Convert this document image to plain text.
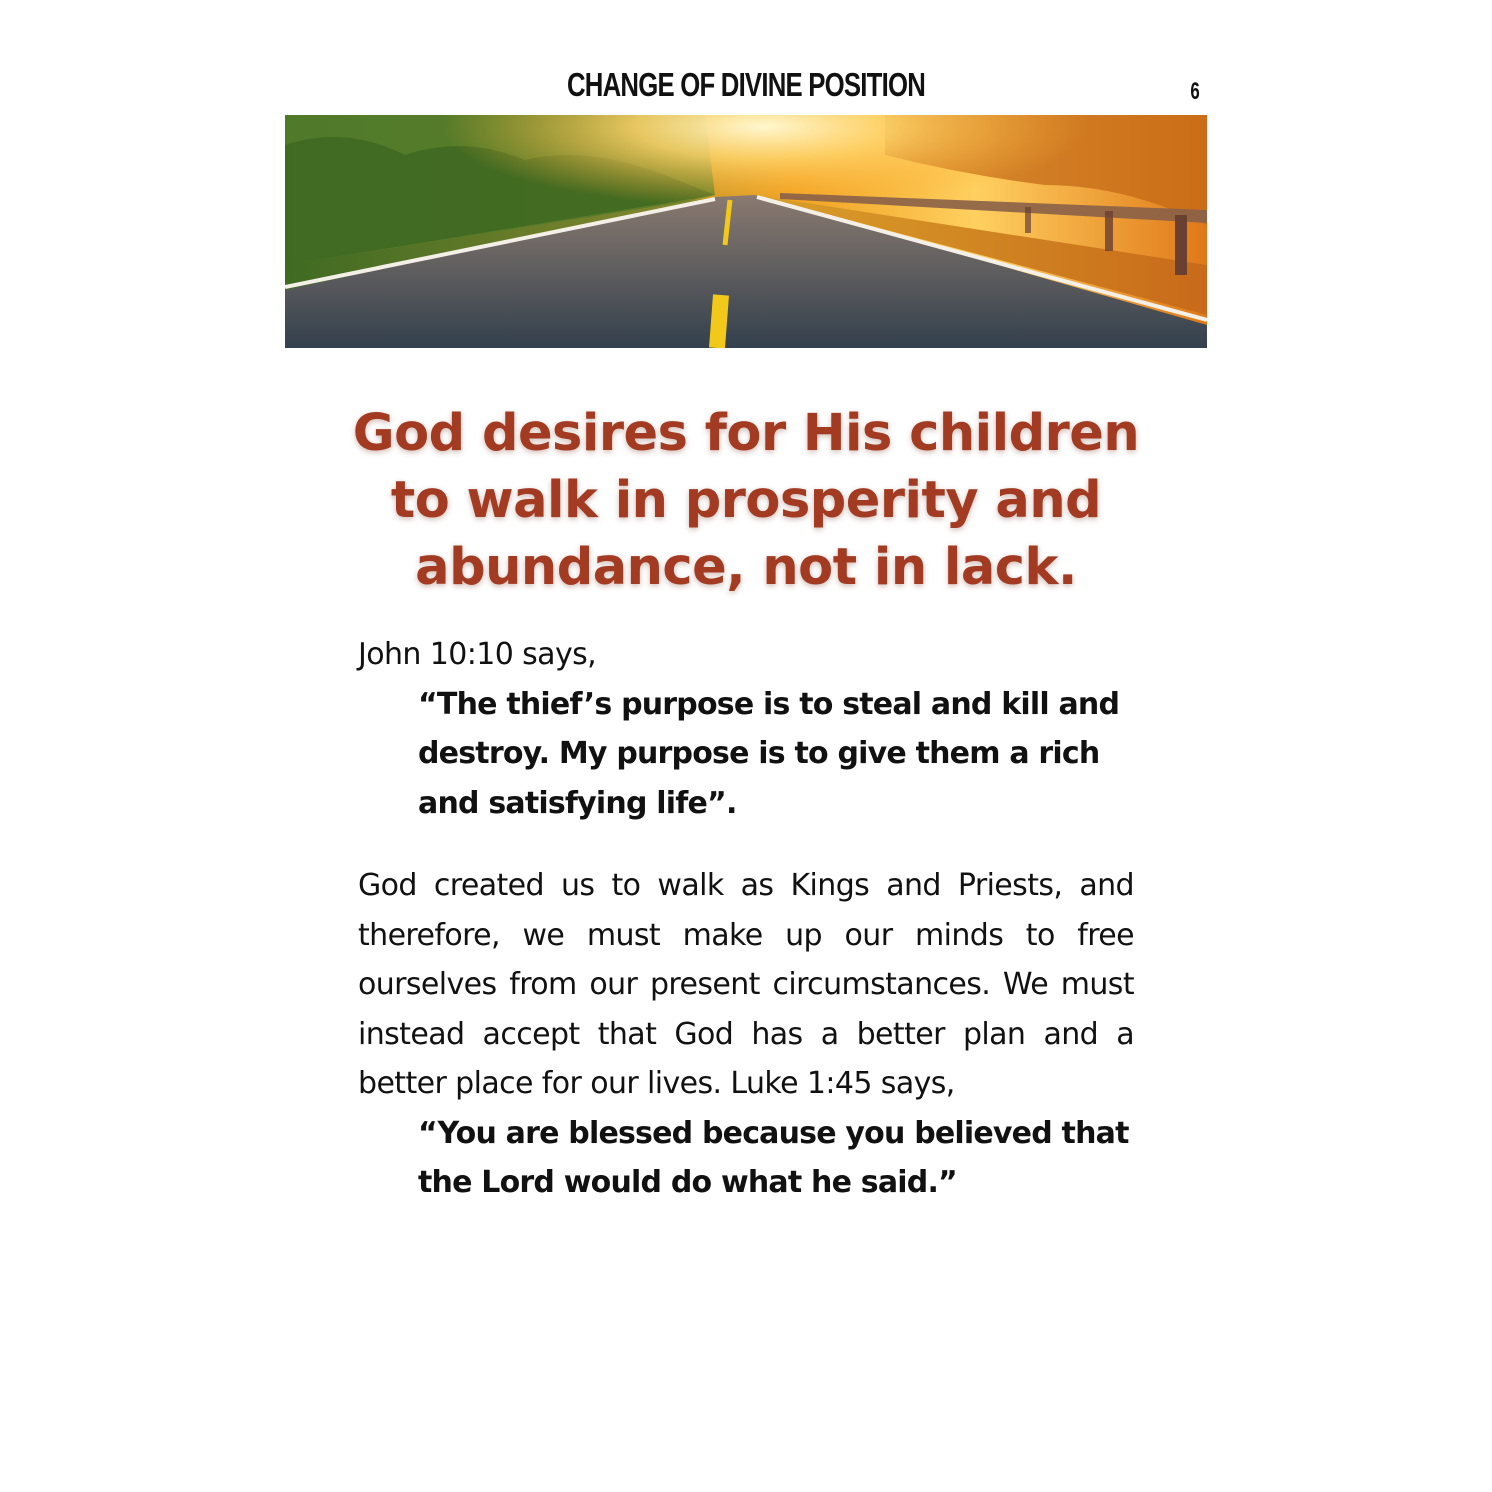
CHANGE OF DIVINE POSITION	6
God desires for His children to walk in prosperity and abundance, not in lack.

John 10:10 says,

“The thief’s purpose is to steal and kill and destroy. My purpose is to give them a rich and satisfying life”.

God created us to walk as Kings and Priests, and therefore, we must make up our minds to free ourselves from our present circumstances. We must instead accept that God has a better plan and a better place for our lives. Luke 1:45 says,

“You are blessed because you believed that the Lord would do what he said.”
